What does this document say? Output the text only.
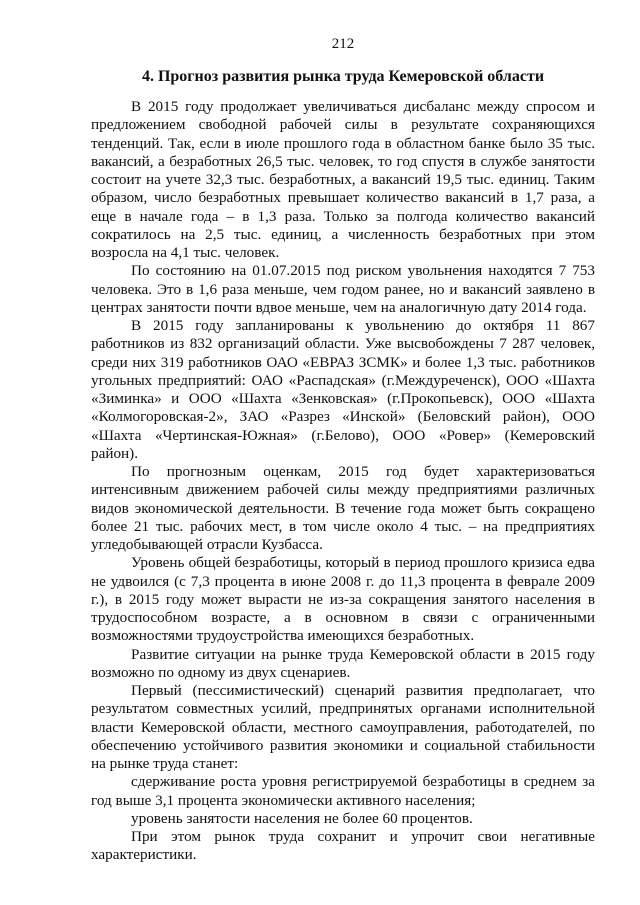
212
4. Прогноз развития рынка труда Кемеровской области

В 2015 году продолжает увеличиваться дисбаланс между спросом и предложением свободной рабочей силы в результате сохраняющихся тенденций. Так, если в июле прошлого года в областном банке было 35 тыс. вакансий, а безработных 26,5 тыс. человек, то год спустя в службе занятости состоит на учете 32,3 тыс. безработных, а вакансий 19,5 тыс. единиц. Таким образом, число безработных превышает количество вакансий в 1,7 раза, а еще в начале года – в 1,3 раза. Только за полгода количество вакансий сократилось на 2,5 тыс. единиц, а численность безработных при этом возросла на 4,1 тыс. человек.

По состоянию на 01.07.2015 под риском увольнения находятся 7 753 человека. Это в 1,6 раза меньше, чем годом ранее, но и вакансий заявлено в центрах занятости почти вдвое меньше, чем на аналогичную дату 2014 года.

В 2015 году запланированы к увольнению до октября 11 867 работников из 832 организаций области. Уже высвобождены 7 287 человек, среди них 319 работников ОАО «ЕВРАЗ ЗСМК» и более 1,3 тыс. работников угольных предприятий: ОАО «Распадская» (г.Междуреченск), ООО «Шахта «Зиминка» и ООО «Шахта «Зенковская» (г.Прокопьевск), ООО «Шахта «Колмогоровская-2», ЗАО «Разрез «Инской» (Беловский район), ООО «Шахта «Чертинская-Южная» (г.Белово), ООО «Ровер» (Кемеровский район).

По прогнозным оценкам, 2015 год будет характеризоваться интенсивным движением рабочей силы между предприятиями различных видов экономической деятельности. В течение года может быть сокращено более 21 тыс. рабочих мест, в том числе около 4 тыс. – на предприятиях угледобывающей отрасли Кузбасса.

Уровень общей безработицы, который в период прошлого кризиса едва не удвоился (с 7,3 процента в июне 2008 г. до 11,3 процента в феврале 2009 г.), в 2015 году может вырасти не из-за сокращения занятого населения в трудоспособном возрасте, а в основном в связи с ограниченными возможностями трудоустройства имеющихся безработных.

Развитие ситуации на рынке труда Кемеровской области в 2015 году возможно по одному из двух сценариев.

Первый (пессимистический) сценарий развития предполагает, что результатом совместных усилий, предпринятых органами исполнительной власти Кемеровской области, местного самоуправления, работодателей, по обеспечению устойчивого развития экономики и социальной стабильности на рынке труда станет:

сдерживание роста уровня регистрируемой безработицы в среднем за год выше 3,1 процента экономически активного населения;

уровень занятости населения не более 60 процентов.

При этом рынок труда сохранит и упрочит свои негативные характеристики.
